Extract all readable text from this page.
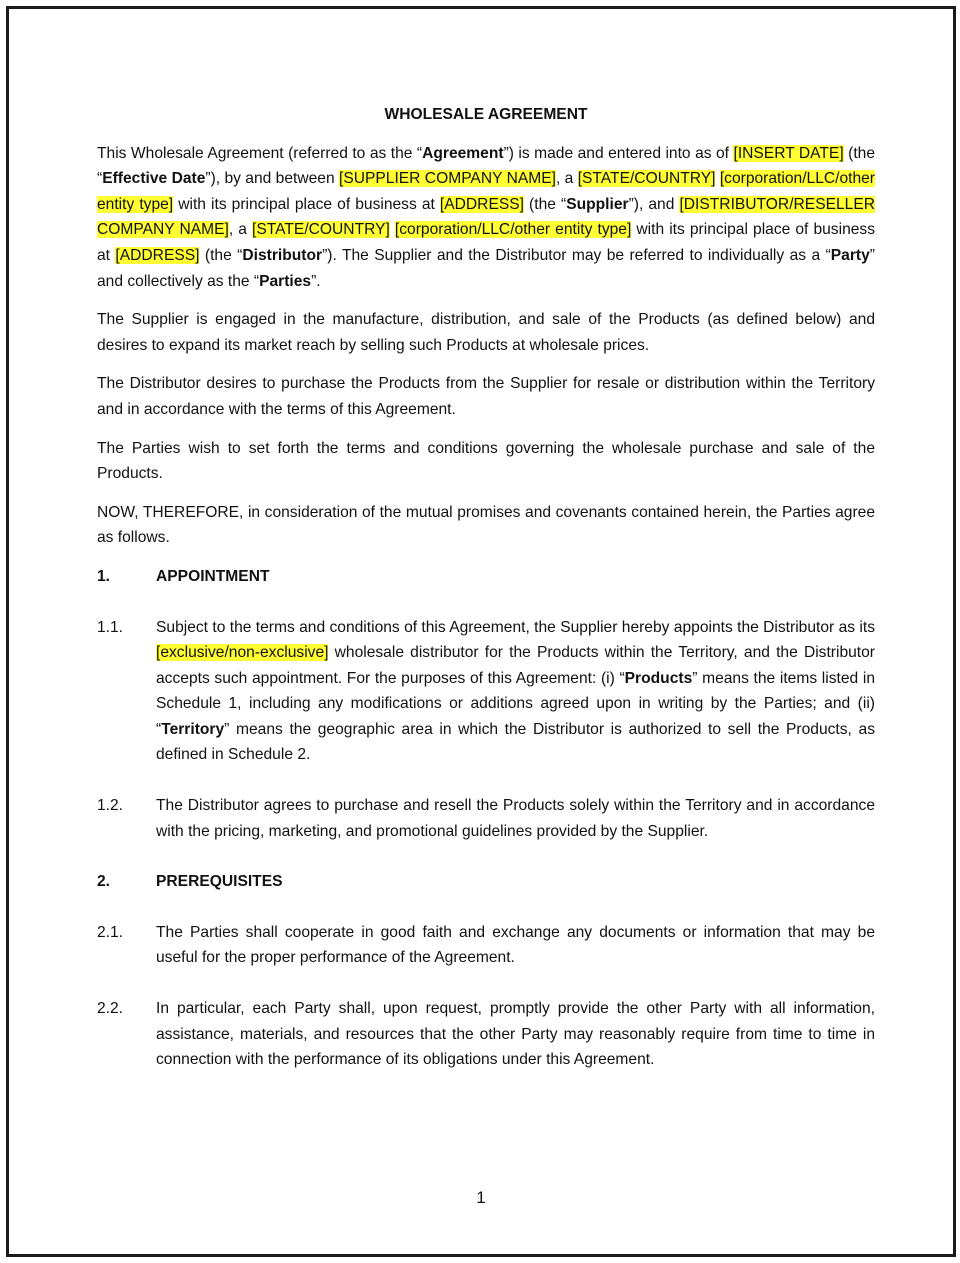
WHOLESALE AGREEMENT

This Wholesale Agreement (referred to as the “Agreement”) is made and entered into as of [INSERT DATE] (the “Effective Date”), by and between [SUPPLIER COMPANY NAME], a [STATE/COUNTRY] [corporation/LLC/other entity type] with its principal place of business at [ADDRESS] (the “Supplier”), and [DISTRIBUTOR/RESELLER COMPANY NAME], a [STATE/COUNTRY] [corporation/LLC/other entity type] with its principal place of business at [ADDRESS] (the “Distributor”). The Supplier and the Distributor may be referred to individually as a “Party” and collectively as the “Parties”.

The Supplier is engaged in the manufacture, distribution, and sale of the Products (as defined below) and desires to expand its market reach by selling such Products at wholesale prices.

The Distributor desires to purchase the Products from the Supplier for resale or distribution within the Territory and in accordance with the terms of this Agreement.

The Parties wish to set forth the terms and conditions governing the wholesale purchase and sale of the Products.

NOW, THEREFORE, in consideration of the mutual promises and covenants contained herein, the Parties agree as follows.

1.	APPOINTMENT
1.1.	Subject to the terms and conditions of this Agreement, the Supplier hereby appoints the Distributor as its [exclusive/non-exclusive] wholesale distributor for the Products within the Territory, and the Distributor accepts such appointment. For the purposes of this Agreement: (i) “Products” means the items listed in Schedule 1, including any modifications or additions agreed upon in writing by the Parties; and (ii) “Territory” means the geographic area in which the Distributor is authorized to sell the Products, as defined in Schedule 2.
1.2.	The Distributor agrees to purchase and resell the Products solely within the Territory and in accordance with the pricing, marketing, and promotional guidelines provided by the Supplier.
2.	PREREQUISITES
2.1.	The Parties shall cooperate in good faith and exchange any documents or information that may be useful for the proper performance of the Agreement.
2.2.	In particular, each Party shall, upon request, promptly provide the other Party with all information, assistance, materials, and resources that the other Party may reasonably require from time to time in connection with the performance of its obligations under this Agreement.
1
